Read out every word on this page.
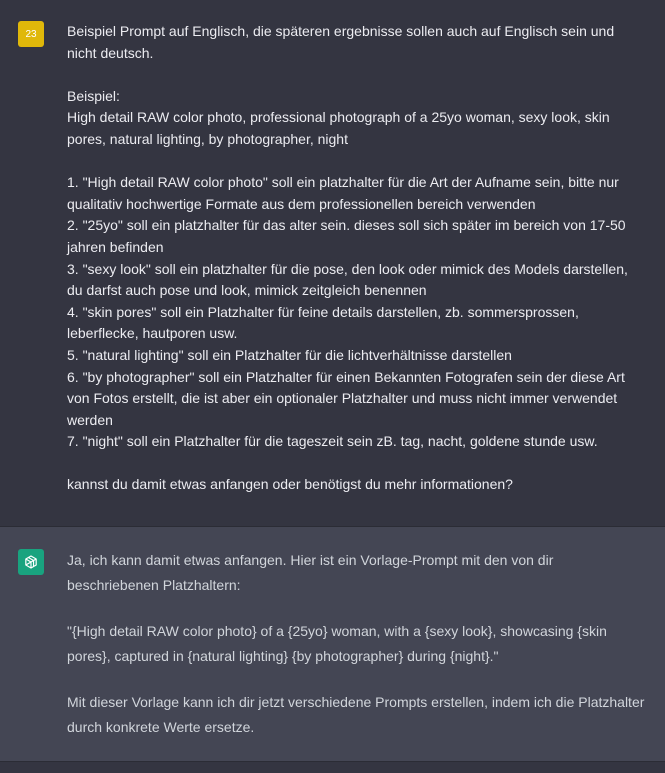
23	Beispiel Prompt auf Englisch, die späteren ergebnisse sollen auch auf Englisch sein und nicht deutsch.

Beispiel:

High detail RAW color photo, professional photograph of a 25yo woman, sexy look, skin pores, natural lighting, by photographer, night

1. "High detail RAW color photo" soll ein platzhalter für die Art der Aufname sein, bitte nur qualitativ hochwertige Formate aus dem professionellen bereich verwenden

2. "25yo" soll ein platzhalter für das alter sein. dieses soll sich später im bereich von 17-50 jahren befinden

3. "sexy look" soll ein platzhalter für die pose, den look oder mimick des Models darstellen, du darfst auch pose und look, mimick zeitgleich benennen

4. "skin pores" soll ein Platzhalter für feine details darstellen, zb. sommersprossen, leberflecke, hautporen usw.

5. "natural lighting" soll ein Platzhalter für die lichtverhältnisse darstellen

6. "by photographer" soll ein Platzhalter für einen Bekannten Fotografen sein der diese Art von Fotos erstellt, die ist aber ein optionaler Platzhalter und muss nicht immer verwendet werden

7. "night" soll ein Platzhalter für die tageszeit sein zB. tag, nacht, goldene stunde usw.

kannst du damit etwas anfangen oder benötigst du mehr informationen?

Ja, ich kann damit etwas anfangen. Hier ist ein Vorlage-Prompt mit den von dir beschriebenen Platzhaltern:

"{High detail RAW color photo} of a {25yo} woman, with a {sexy look}, showcasing {skin pores}, captured in {natural lighting} {by photographer} during {night}."

Mit dieser Vorlage kann ich dir jetzt verschiedene Prompts erstellen, indem ich die Platzhalter durch konkrete Werte ersetze.
